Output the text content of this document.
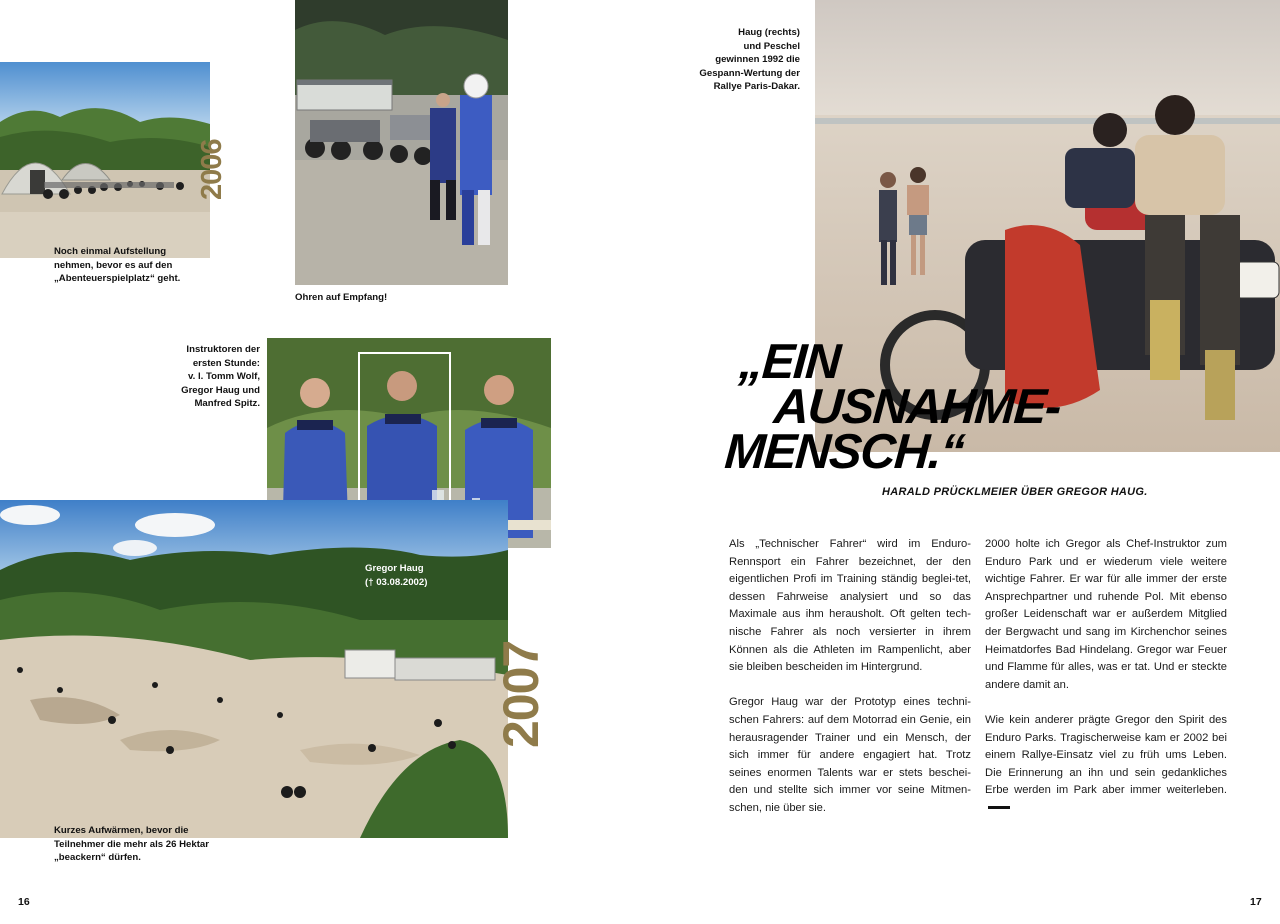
2006
Noch einmal Aufstellung
nehmen, bevor es auf den
„Abenteuerspielplatz“ geht.
Ohren auf Empfang!
Instruktoren der
ersten Stunde:
v. l. Tomm Wolf,
Gregor Haug und
Manfred Spitz.
2007
Gregor Haug
(† 03.08.2002)
Kurzes Aufwärmen, bevor die
Teilnehmer die mehr als 26 Hektar
„beackern“ dürfen.
16
Haug (rechts)
und Peschel
gewinnen 1992 die
Gespann-Wertung der
Rallye Paris-Dakar.
„EIN
AUSNAHME-
MENSCH.“
HARALD PRÜCKLMEIER ÜBER GREGOR HAUG.

Als „Technischer Fahrer“ wird im Enduro-Rennsport ein Fahrer bezeichnet, der den eigentlichen Profi im Training ständig beglei-tet, dessen Fahrweise analysiert und so das Maximale aus ihm herausholt. Oft gelten tech-nische Fahrer als noch versierter in ihrem Können als die Athleten im Rampenlicht, aber sie bleiben bescheiden im Hintergrund.

Gregor Haug war der Prototyp eines techni-schen Fahrers: auf dem Motorrad ein Genie, ein herausragender Trainer und ein Mensch, der sich immer für andere engagiert hat. Trotz seines enormen Talents war er stets beschei-den und stellte sich immer vor seine Mitmen-schen, nie über sie.

2000 holte ich Gregor als Chef-Instruktor zum Enduro Park und er wiederum viele weitere wichtige Fahrer. Er war für alle immer der erste Ansprechpartner und ruhende Pol. Mit ebenso großer Leidenschaft war er außerdem Mitglied der Bergwacht und sang im Kirchenchor seines Heimatdorfes Bad Hindelang. Gregor war Feuer und Flamme für alles, was er tat. Und er steckte andere damit an.

Wie kein anderer prägte Gregor den Spirit des Enduro Parks. Tragischerweise kam er 2002 bei einem Rallye-Einsatz viel zu früh ums Leben. Die Erinnerung an ihn und sein gedankliches Erbe werden im Park aber immer weiterleben.

17
